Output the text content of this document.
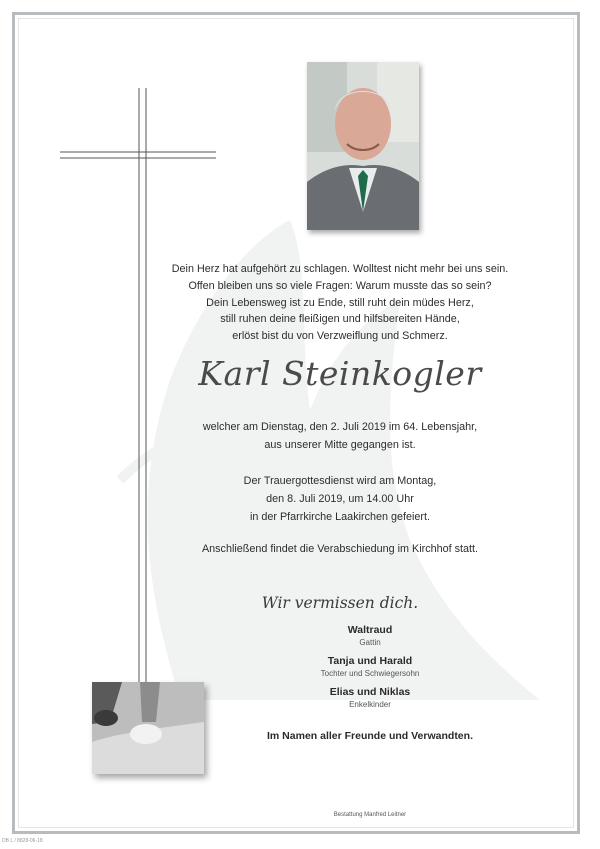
Dein Herz hat aufgehört zu schlagen. Wolltest nicht mehr bei uns sein.
Offen bleiben uns so viele Fragen: Warum musste das so sein?
Dein Lebensweg ist zu Ende, still ruht dein müdes Herz,
still ruhen deine fleißigen und hilfsbereiten Hände,
erlöst bist du von Verzweiflung und Schmerz.
Karl Steinkogler
welcher am Dienstag, den 2. Juli 2019 im 64. Lebensjahr,
aus unserer Mitte gegangen ist.
Der Trauergottesdienst wird am Montag,
den 8. Juli 2019, um 14.00 Uhr
in der Pfarrkirche Laakirchen gefeiert.
Anschließend findet die Verabschiedung im Kirchhof statt.
Wir vermissen dich.
Waltraud
Gattin
Tanja und Harald
Tochter und Schwiegersohn
Elias und Niklas
Enkelkinder
Im Namen aller Freunde und Verwandten.
Bestattung Manfred Leitner
DB L / 8828-06-18
